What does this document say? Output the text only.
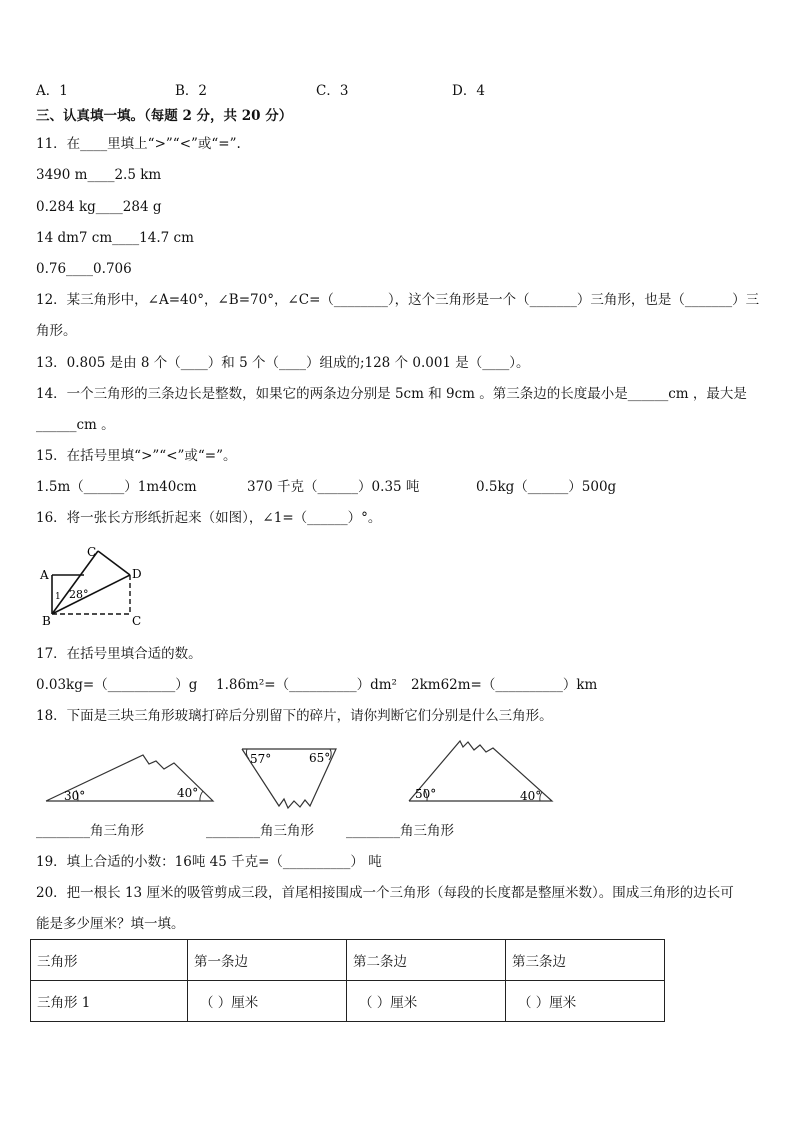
A．1	B．2	C．3	D．4
三、认真填一填。（每题 2 分，共 20 分）
11．在____里填上“>”“<”或“=”.
3490 m____2.5 km
0.284 kg____284 g
14 dm7 cm____14.7 cm
0.76____0.706
12．某三角形中，∠A=40°，∠B=70°，∠C=（________），这个三角形是一个（_______）三角形，也是（_______）三
角形。
13．0.805 是由 8 个（____）和 5 个（____）组成的;128 个 0.001 是（____）。
14．一个三角形的三条边长是整数，如果它的两条边分别是 5cm 和 9cm 。第三条边的长度最小是______cm ，最大是
______cm 。
15．在括号里填“>”“<”或“=”。
1.5m（______）1m40cm	370 千克（______）0.35 吨	0.5kg（______）500g
16．将一张长方形纸折起来（如图），∠1=（______）°。
A
B
C
D
C
1 28°
17．在括号里填合适的数。
0.03kg=（__________）g 1.86m²=（__________）dm² 2km62m=（__________）km
18．下面是三块三角形玻璃打碎后分别留下的碎片，请你判断它们分别是什么三角形。
30°	40°
57°	65°
50°	40°
________角三角形	________角三角形 ________角三角形
19．填上合适的小数：16吨 45 千克=（__________） 吨
20．把一根长 13 厘米的吸管剪成三段，首尾相接围成一个三角形（每段的长度都是整厘米数）。围成三角形的边长可
能是多少厘米？填一填。
三角形	第一条边	第二条边	第三条边
三角形 1	（ ）厘米	（ ）厘米	（ ）厘米
